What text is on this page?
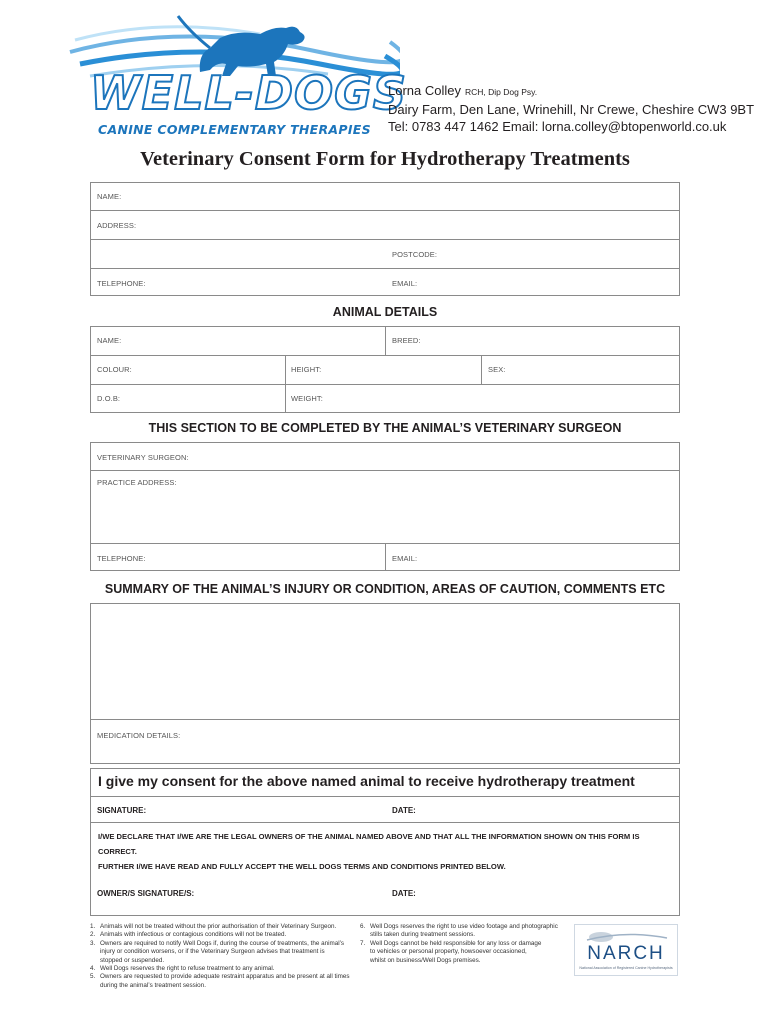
WELL-DOGS
CANINE COMPLEMENTARY THERAPIES
Lorna Colley RCH, Dip Dog Psy.
Dairy Farm, Den Lane, Wrinehill, Nr Crewe, Cheshire CW3 9BT
Tel: 0783 447 1462 Email: lorna.colley@btopenworld.co.uk
Veterinary Consent Form for Hydrotherapy Treatments
NAME:
ADDRESS:
POSTCODE:
TELEPHONE:	EMAIL:
ANIMAL DETAILS
NAME:	BREED:
COLOUR:	HEIGHT:	SEX:
D.O.B:	WEIGHT:
THIS SECTION TO BE COMPLETED BY THE ANIMAL’S VETERINARY SURGEON
VETERINARY SURGEON:
PRACTICE ADDRESS:
TELEPHONE:	EMAIL:
SUMMARY OF THE ANIMAL’S INJURY OR CONDITION, AREAS OF CAUTION, COMMENTS ETC
MEDICATION DETAILS:
I give my consent for the above named animal to receive hydrotherapy treatment
SIGNATURE:	DATE:
I/WE DECLARE THAT I/WE ARE THE LEGAL OWNERS OF THE ANIMAL NAMED ABOVE AND THAT ALL THE INFORMATION SHOWN ON THIS FORM IS CORRECT.
FURTHER I/WE HAVE READ AND FULLY ACCEPT THE WELL DOGS TERMS AND CONDITIONS PRINTED BELOW.
OWNER/S SIGNATURE/S:	DATE:
1. Animals will not be treated without the prior authorisation of their Veterinary Surgeon.
2. Animals with infectious or contagious conditions will not be treated.
3. Owners are required to notify Well Dogs if, during the course of treatments, the animal’s
injury or condition worsens, or if the Veterinary Surgeon advises that treatment is
stopped or suspended.
4. Well Dogs reserves the right to refuse treatment to any animal.
5. Owners are requested to provide adequate restraint apparatus and be present at all times
during the animal’s treatment session.
6. Well Dogs reserves the right to use video footage and photographic
stills taken during treatment sessions.
7. Well Dogs cannot be held responsible for any loss or damage
to vehicles or personal property, howsoever occasioned,
whilst on business/Well Dogs premises.	NARCH
National Association of Registered Canine Hydrotherapists
